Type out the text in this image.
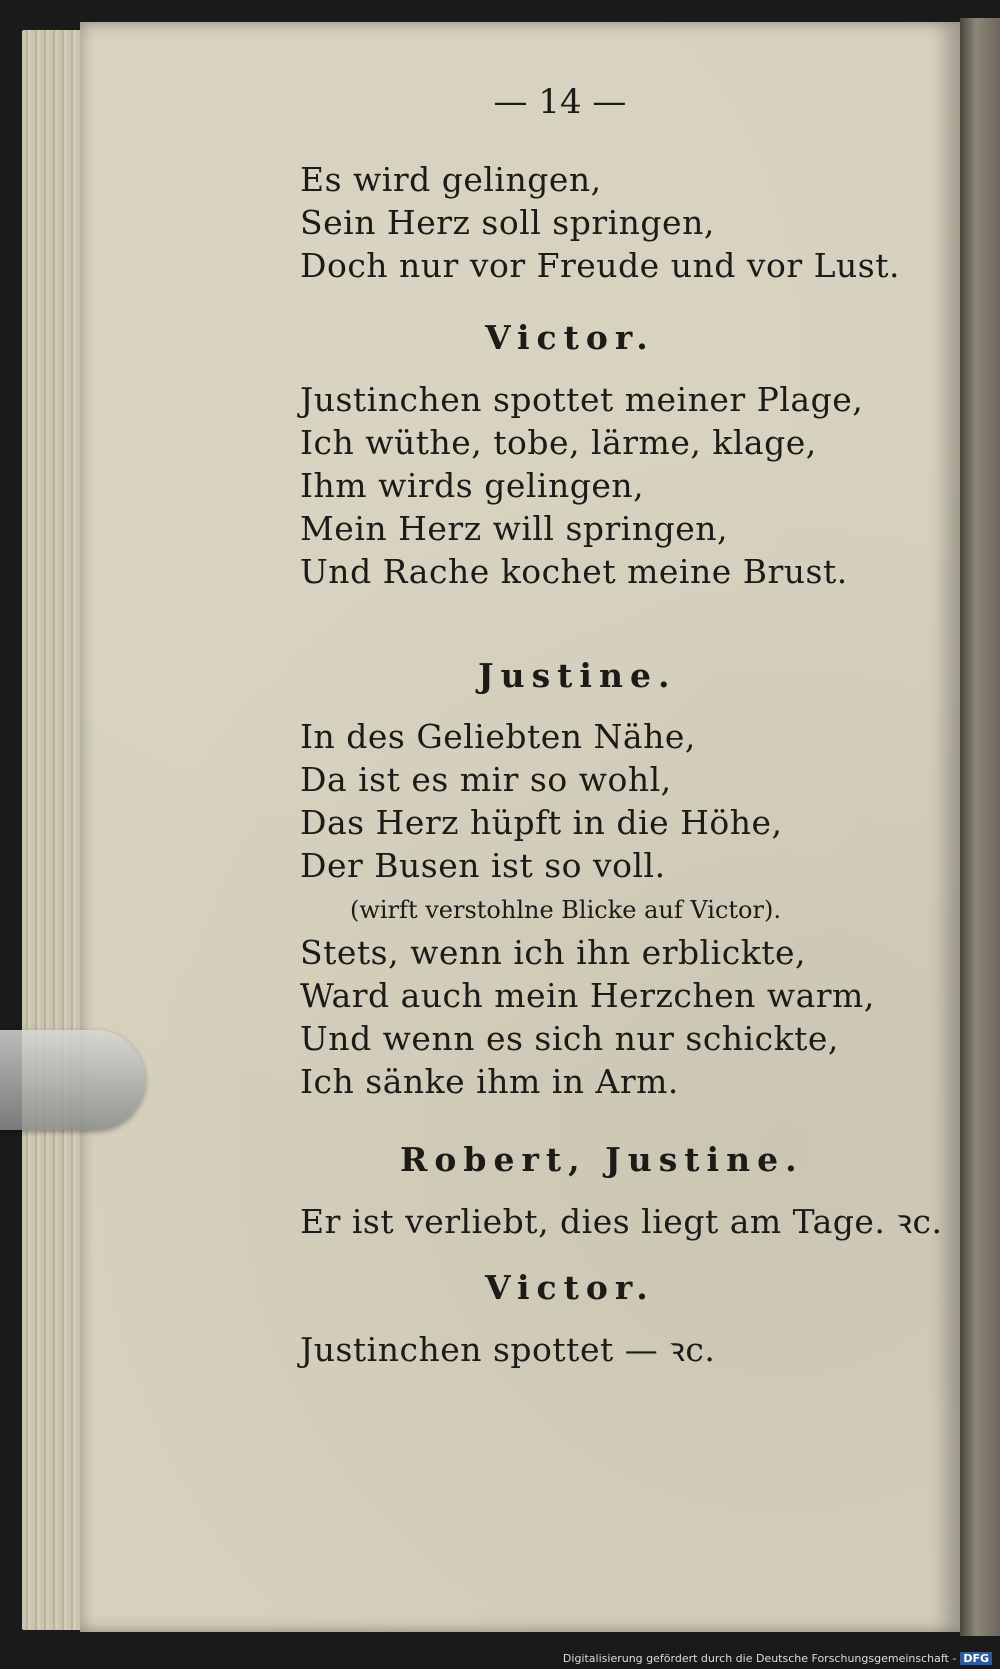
— 14 —
Es wird gelingen,
Sein Herz soll springen,
Doch nur vor Freude und vor Lust.
Victor.
Justinchen spottet meiner Plage,
Ich wüthe, tobe, lärme, klage,
Ihm wirds gelingen,
Mein Herz will springen,
Und Rache kochet meine Brust.
Justine.
In des Geliebten Nähe,
Da ist es mir so wohl,
Das Herz hüpft in die Höhe,
Der Busen ist so voll.
(wirft verstohlne Blicke auf Victor).
Stets, wenn ich ihn erblickte,
Ward auch mein Herzchen warm,
Und wenn es sich nur schickte,
Ich sänke ihm in Arm.
Robert, Justine.
Er ist verliebt, dies liegt am Tage. ꝛc.
Victor.
Justinchen spottet — ꝛc.
Digitalisierung gefördert durch die Deutsche Forschungsgemeinschaft - DFG
